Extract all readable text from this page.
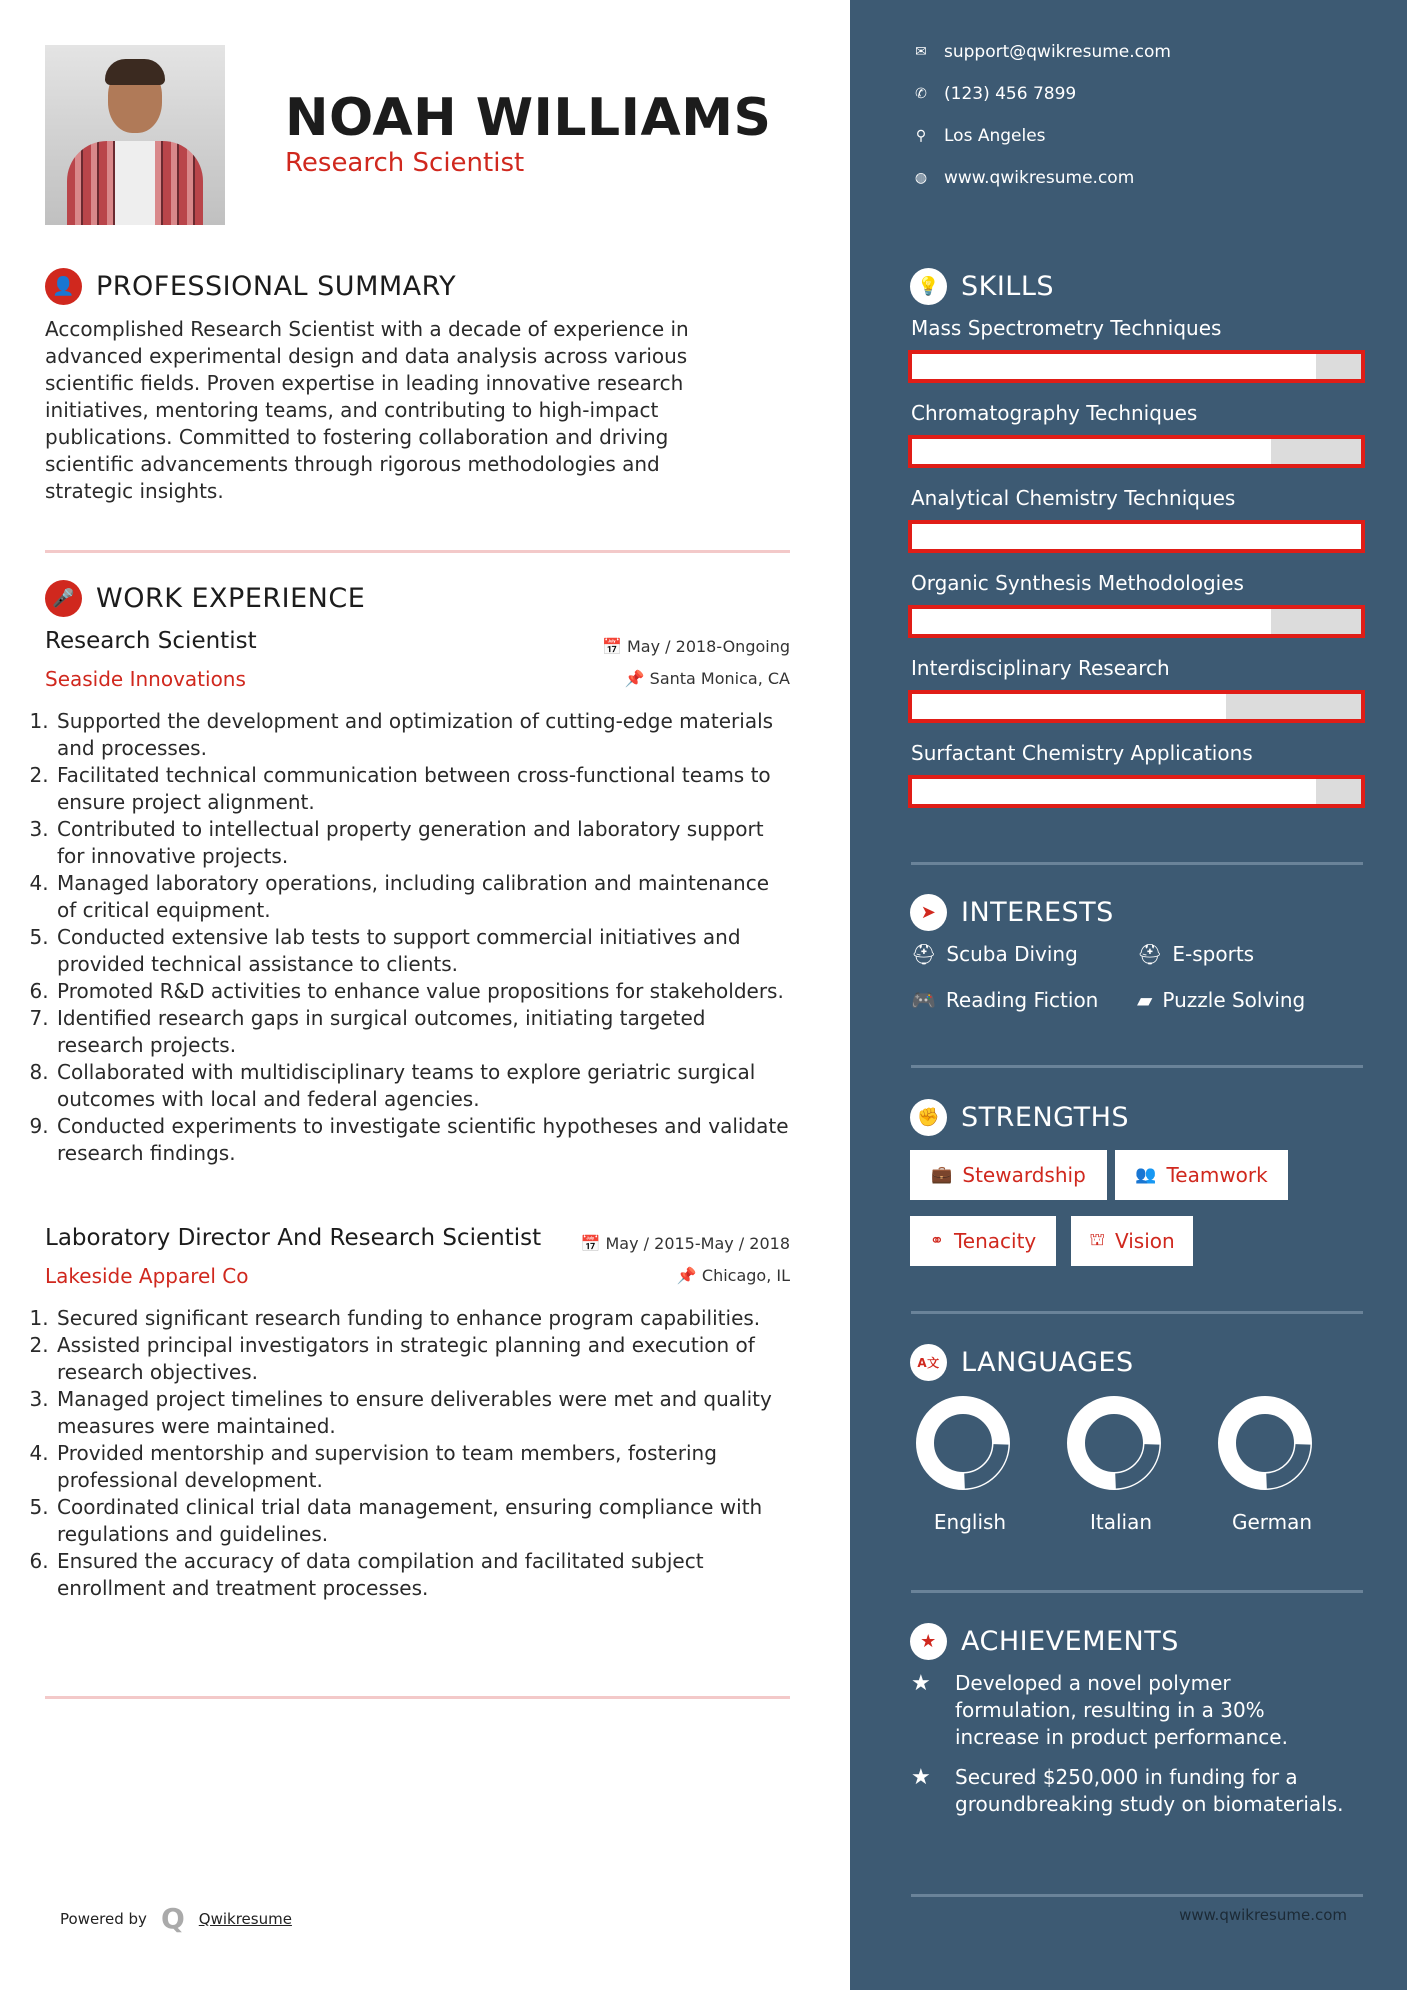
NOAH WILLIAMS
Research Scientist
👤 PROFESSIONAL SUMMARY
Accomplished Research Scientist with a decade of experience in advanced experimental design and data analysis across various scientific fields. Proven expertise in leading innovative research initiatives, mentoring teams, and contributing to high-impact publications. Committed to fostering collaboration and driving scientific advancements through rigorous methodologies and strategic insights.
🎤 WORK EXPERIENCE
Powered by Q Qwikresume	www.qwikresume.com
💡 SKILLS
➤ INTERESTS
✊ STRENGTHS
A文 LANGUAGES
★ ACHIEVEMENTS
✉ support@qwikresume.com
✆ (123) 456 7899
⚲ Los Angeles
◍ www.qwikresume.com
Research Scientist	📅 May / 2018-Ongoing
Seaside Innovations	📌 Santa Monica, CA
1. Supported the development and optimization of cutting-edge materials and processes.
2. Facilitated technical communication between cross-functional teams to ensure project alignment.
3. Contributed to intellectual property generation and laboratory support for innovative projects.
4. Managed laboratory operations, including calibration and maintenance of critical equipment.
5. Conducted extensive lab tests to support commercial initiatives and provided technical assistance to clients.
6. Promoted R&D activities to enhance value propositions for stakeholders.
7. Identified research gaps in surgical outcomes, initiating targeted research projects.
8. Collaborated with multidisciplinary teams to explore geriatric surgical outcomes with local and federal agencies.
9. Conducted experiments to investigate scientific hypotheses and validate research findings.
Laboratory Director And Research Scientist 📅 May / 2015-May / 2018
Lakeside Apparel Co	📌 Chicago, IL
1. Secured significant research funding to enhance program capabilities.
2. Assisted principal investigators in strategic planning and execution of research objectives.
3. Managed project timelines to ensure deliverables were met and quality measures were maintained.
4. Provided mentorship and supervision to team members, fostering professional development.
5. Coordinated clinical trial data management, ensuring compliance with regulations and guidelines.
6. Ensured the accuracy of data compilation and facilitated subject enrollment and treatment processes.
Mass Spectrometry Techniques
Chromatography Techniques
Analytical Chemistry Techniques
Organic Synthesis Methodologies
Interdisciplinary Research
Surfactant Chemistry Applications
⛑ Scuba Diving	⛑ E-sports
🎮 Reading Fiction ▰ Puzzle Solving
💼 Stewardship	👥 Teamwork
⚭ Tenacity	⛫ Vision
English	Italian	German
★	Developed a novel polymer formulation, resulting in a 30% increase in product performance.
★	Secured $250,000 in funding for a groundbreaking study on biomaterials.
